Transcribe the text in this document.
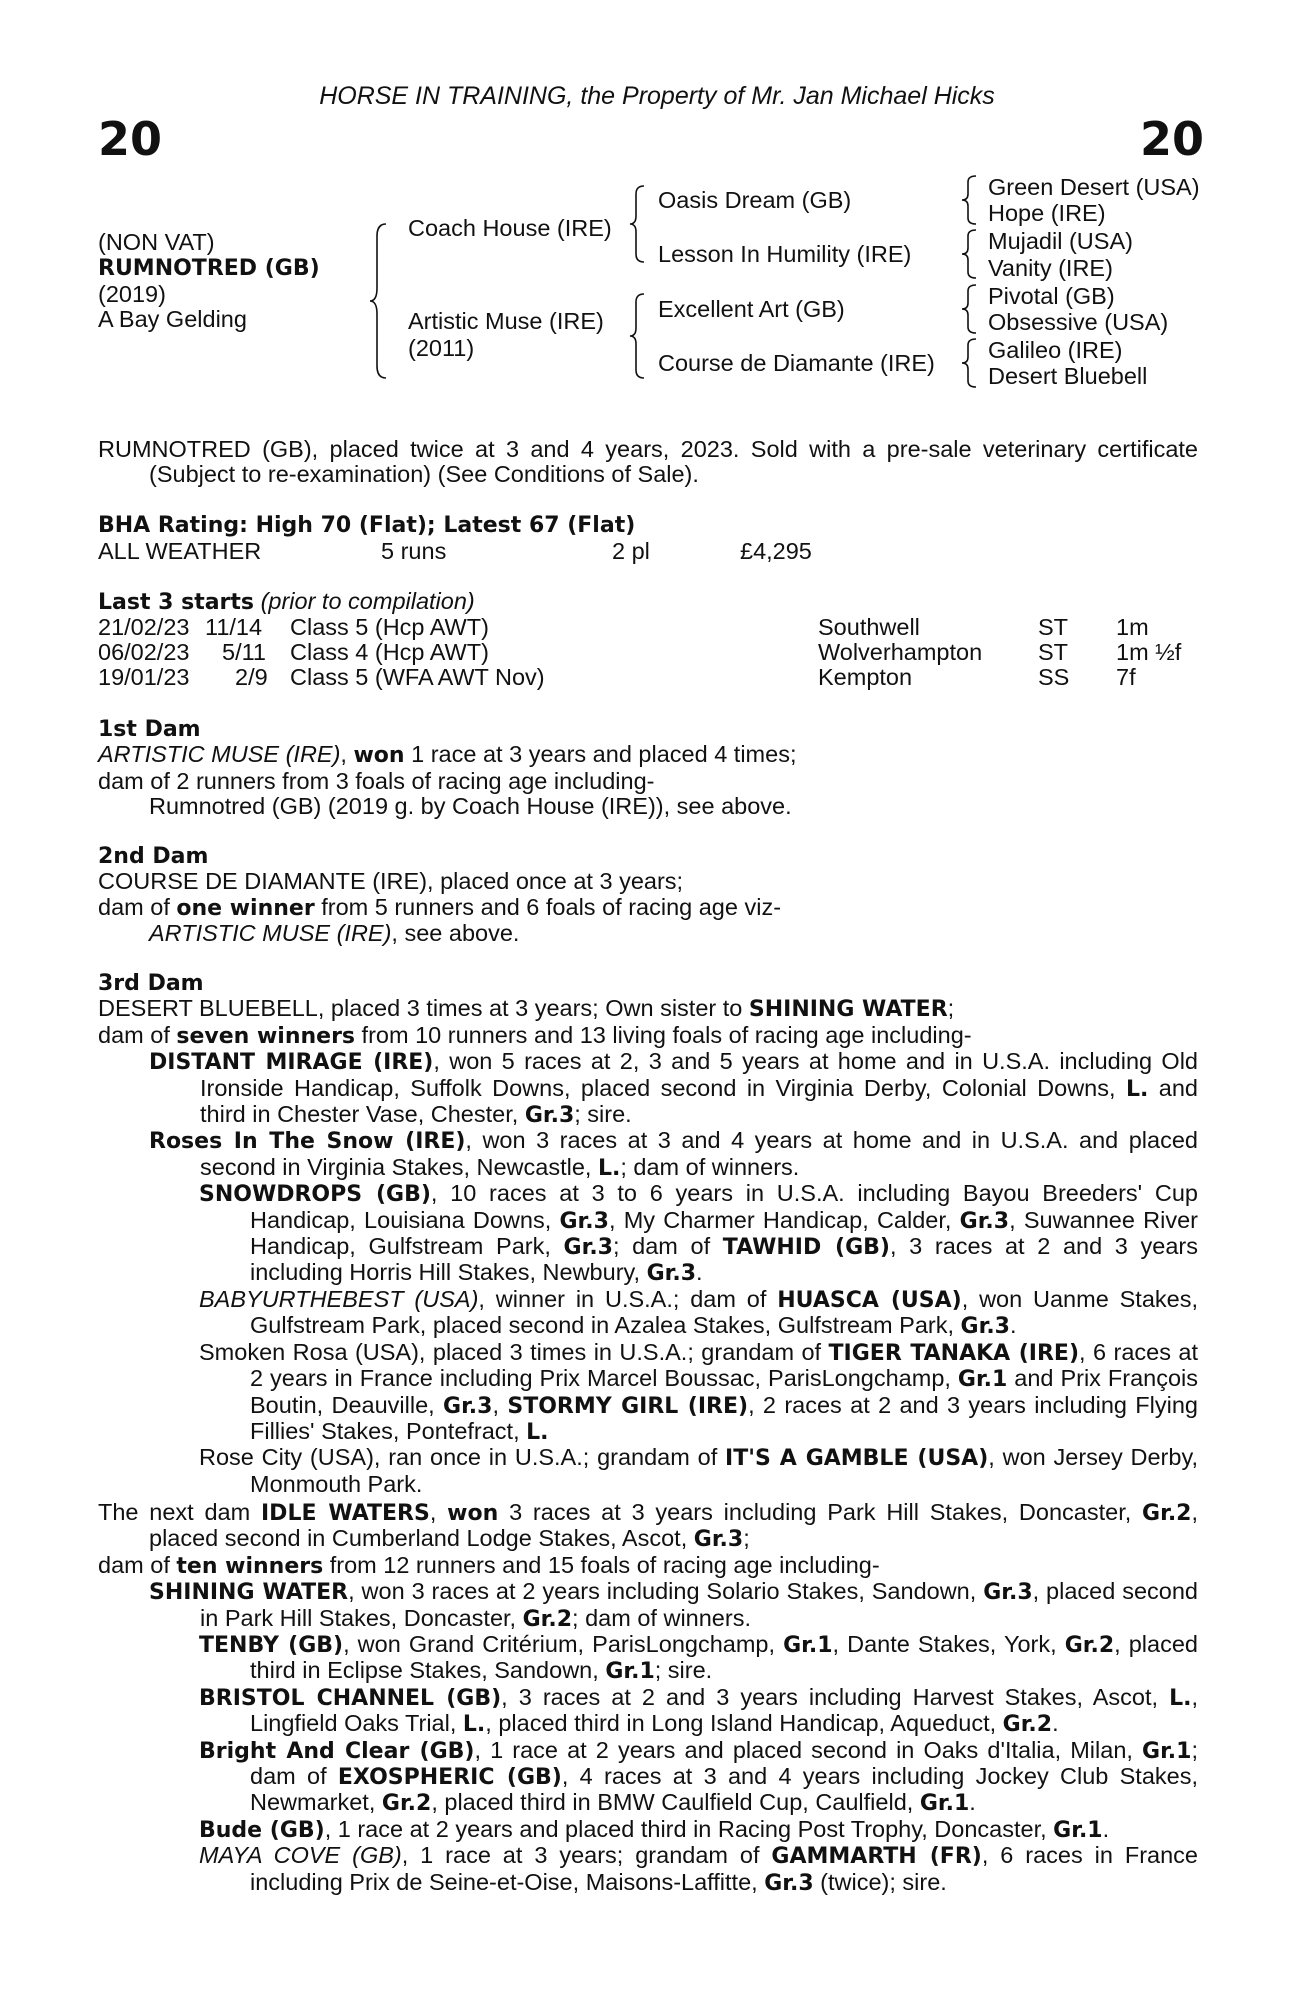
HORSE IN TRAINING, the Property of Mr. Jan Michael Hicks
20	20
(NON VAT)
RUMNOTRED (GB)
(2019)
A Bay Gelding
Coach House (IRE)
Artistic Muse (IRE)
(2011)
Oasis Dream (GB)
Lesson In Humility (IRE)
Excellent Art (GB)
Course de Diamante (IRE)
Green Desert (USA)
Hope (IRE)
Mujadil (USA)
Vanity (IRE)
Pivotal (GB)
Obsessive (USA)
Galileo (IRE)
Desert Bluebell

RUMNOTRED (GB), placed twice at 3 and 4 years, 2023. Sold with a pre-sale veterinary certificate (Subject to re-examination) (See Conditions of Sale).

BHA Rating: High 70 (Flat); Latest 67 (Flat)
ALL WEATHER	5 runs	2 pl	£4,295
Last 3 starts (prior to compilation)
21/02/23 11/14 Class 5 (Hcp AWT)	Southwell	ST 1m
06/02/23 5/11 Class 4 (Hcp AWT)	Wolverhampton ST 1m ½f
19/01/23 2/9 Class 5 (WFA AWT Nov)	Kempton	SS 7f

1st Dam

ARTISTIC MUSE (IRE), won 1 race at 3 years and placed 4 times;

dam of 2 runners from 3 foals of racing age including-

Rumnotred (GB) (2019 g. by Coach House (IRE)), see above.

2nd Dam

COURSE DE DIAMANTE (IRE), placed once at 3 years;

dam of one winner from 5 runners and 6 foals of racing age viz-

ARTISTIC MUSE (IRE), see above.

3rd Dam

DESERT BLUEBELL, placed 3 times at 3 years; Own sister to SHINING WATER;

dam of seven winners from 10 runners and 13 living foals of racing age including-

DISTANT MIRAGE (IRE), won 5 races at 2, 3 and 5 years at home and in U.S.A. including Old Ironside Handicap, Suffolk Downs, placed second in Virginia Derby, Colonial Downs, L. and third in Chester Vase, Chester, Gr.3; sire.

Roses In The Snow (IRE), won 3 races at 3 and 4 years at home and in U.S.A. and placed second in Virginia Stakes, Newcastle, L.; dam of winners.

SNOWDROPS (GB), 10 races at 3 to 6 years in U.S.A. including Bayou Breeders' Cup Handicap, Louisiana Downs, Gr.3, My Charmer Handicap, Calder, Gr.3, Suwannee River Handicap, Gulfstream Park, Gr.3; dam of TAWHID (GB), 3 races at 2 and 3 years including Horris Hill Stakes, Newbury, Gr.3.

BABYURTHEBEST (USA), winner in U.S.A.; dam of HUASCA (USA), won Uanme Stakes, Gulfstream Park, placed second in Azalea Stakes, Gulfstream Park, Gr.3.

Smoken Rosa (USA), placed 3 times in U.S.A.; grandam of TIGER TANAKA (IRE), 6 races at 2 years in France including Prix Marcel Boussac, ParisLongchamp, Gr.1 and Prix François Boutin, Deauville, Gr.3, STORMY GIRL (IRE), 2 races at 2 and 3 years including Flying Fillies' Stakes, Pontefract, L.

Rose City (USA), ran once in U.S.A.; grandam of IT'S A GAMBLE (USA), won Jersey Derby, Monmouth Park.

The next dam IDLE WATERS, won 3 races at 3 years including Park Hill Stakes, Doncaster, Gr.2, placed second in Cumberland Lodge Stakes, Ascot, Gr.3;

dam of ten winners from 12 runners and 15 foals of racing age including-

SHINING WATER, won 3 races at 2 years including Solario Stakes, Sandown, Gr.3, placed second in Park Hill Stakes, Doncaster, Gr.2; dam of winners.

TENBY (GB), won Grand Critérium, ParisLongchamp, Gr.1, Dante Stakes, York, Gr.2, placed third in Eclipse Stakes, Sandown, Gr.1; sire.

BRISTOL CHANNEL (GB), 3 races at 2 and 3 years including Harvest Stakes, Ascot, L., Lingfield Oaks Trial, L., placed third in Long Island Handicap, Aqueduct, Gr.2.

Bright And Clear (GB), 1 race at 2 years and placed second in Oaks d'Italia, Milan, Gr.1; dam of EXOSPHERIC (GB), 4 races at 3 and 4 years including Jockey Club Stakes, Newmarket, Gr.2, placed third in BMW Caulfield Cup, Caulfield, Gr.1.

Bude (GB), 1 race at 2 years and placed third in Racing Post Trophy, Doncaster, Gr.1.

MAYA COVE (GB), 1 race at 3 years; grandam of GAMMARTH (FR), 6 races in France including Prix de Seine-et-Oise, Maisons-Laffitte, Gr.3 (twice); sire.
